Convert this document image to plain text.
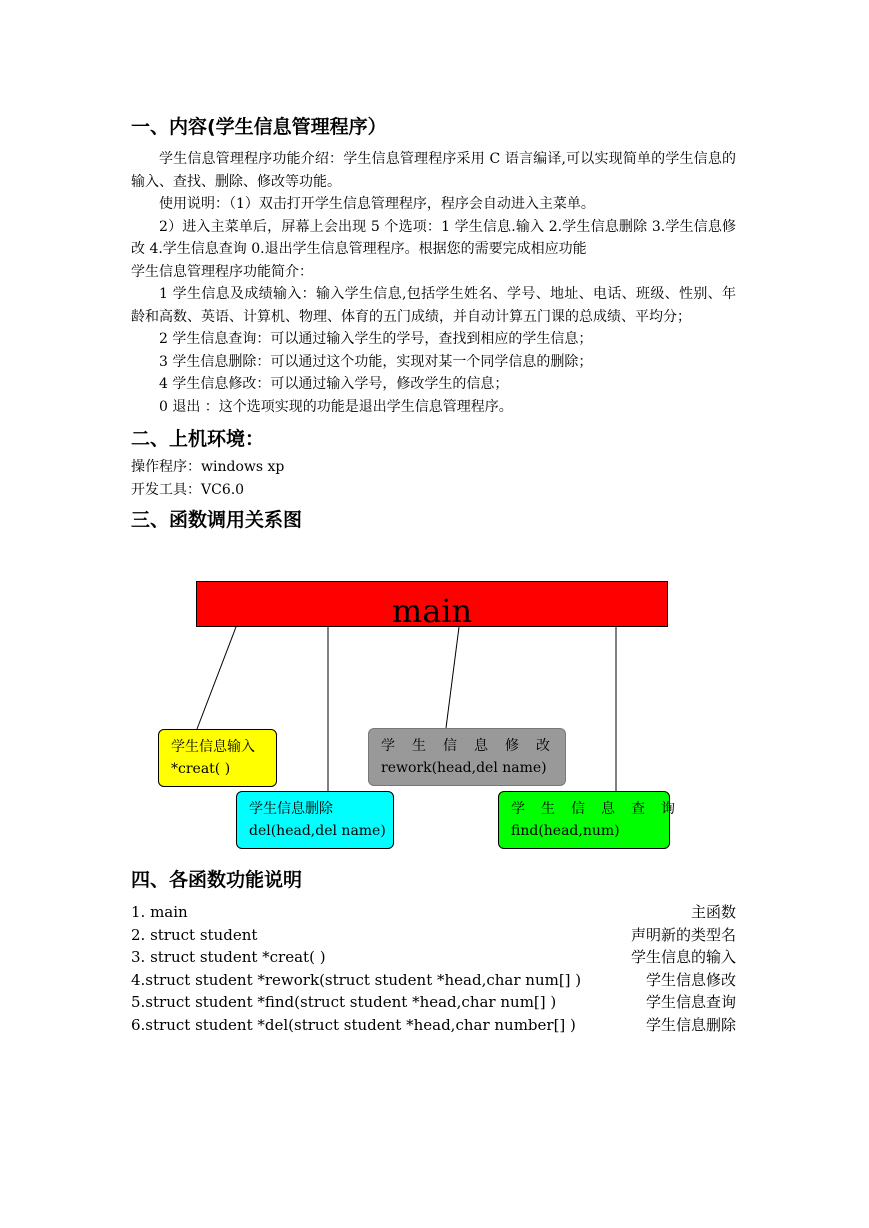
一、内容(学生信息管理程序）

学生信息管理程序功能介绍：学生信息管理程序采用 C 语言编译,可以实现简单的学生信息的输入、查找、删除、修改等功能。

使用说明：（1）双击打开学生信息管理程序，程序会自动进入主菜单。

2）进入主菜单后，屏幕上会出现 5 个选项：1 学生信息.输入 2.学生信息删除 3.学生信息修改 4.学生信息查询 0.退出学生信息管理程序。根据您的需要完成相应功能

学生信息管理程序功能简介：

1 学生信息及成绩输入：输入学生信息,包括学生姓名、学号、地址、电话、班级、性别、年龄和高数、英语、计算机、物理、体育的五门成绩，并自动计算五门课的总成绩、平均分；

2 学生信息查询：可以通过输入学生的学号，查找到相应的学生信息；

3 学生信息删除：可以通过这个功能，实现对某一个同学信息的删除；

4 学生信息修改：可以通过输入学号，修改学生的信息；

0 退出 ：这个选项实现的功能是退出学生信息管理程序。

二、上机环境：

操作程序：windows xp

开发工具：VC6.0

三、函数调用关系图
main
学生信息输入
*creat( )
学生信息修改
rework(head,del name)
学生信息删除
del(head,del name)
学生信息查询
find(head,num)
四、各函数功能说明
1. main	主函数
2. struct student	声明新的类型名
3. struct student *creat( )	学生信息的输入
4.struct student *rework(struct student *head,char num[] )	学生信息修改
5.struct student *find(struct student *head,char num[] )	学生信息查询
6.struct student *del(struct student *head,char number[] )	学生信息删除
